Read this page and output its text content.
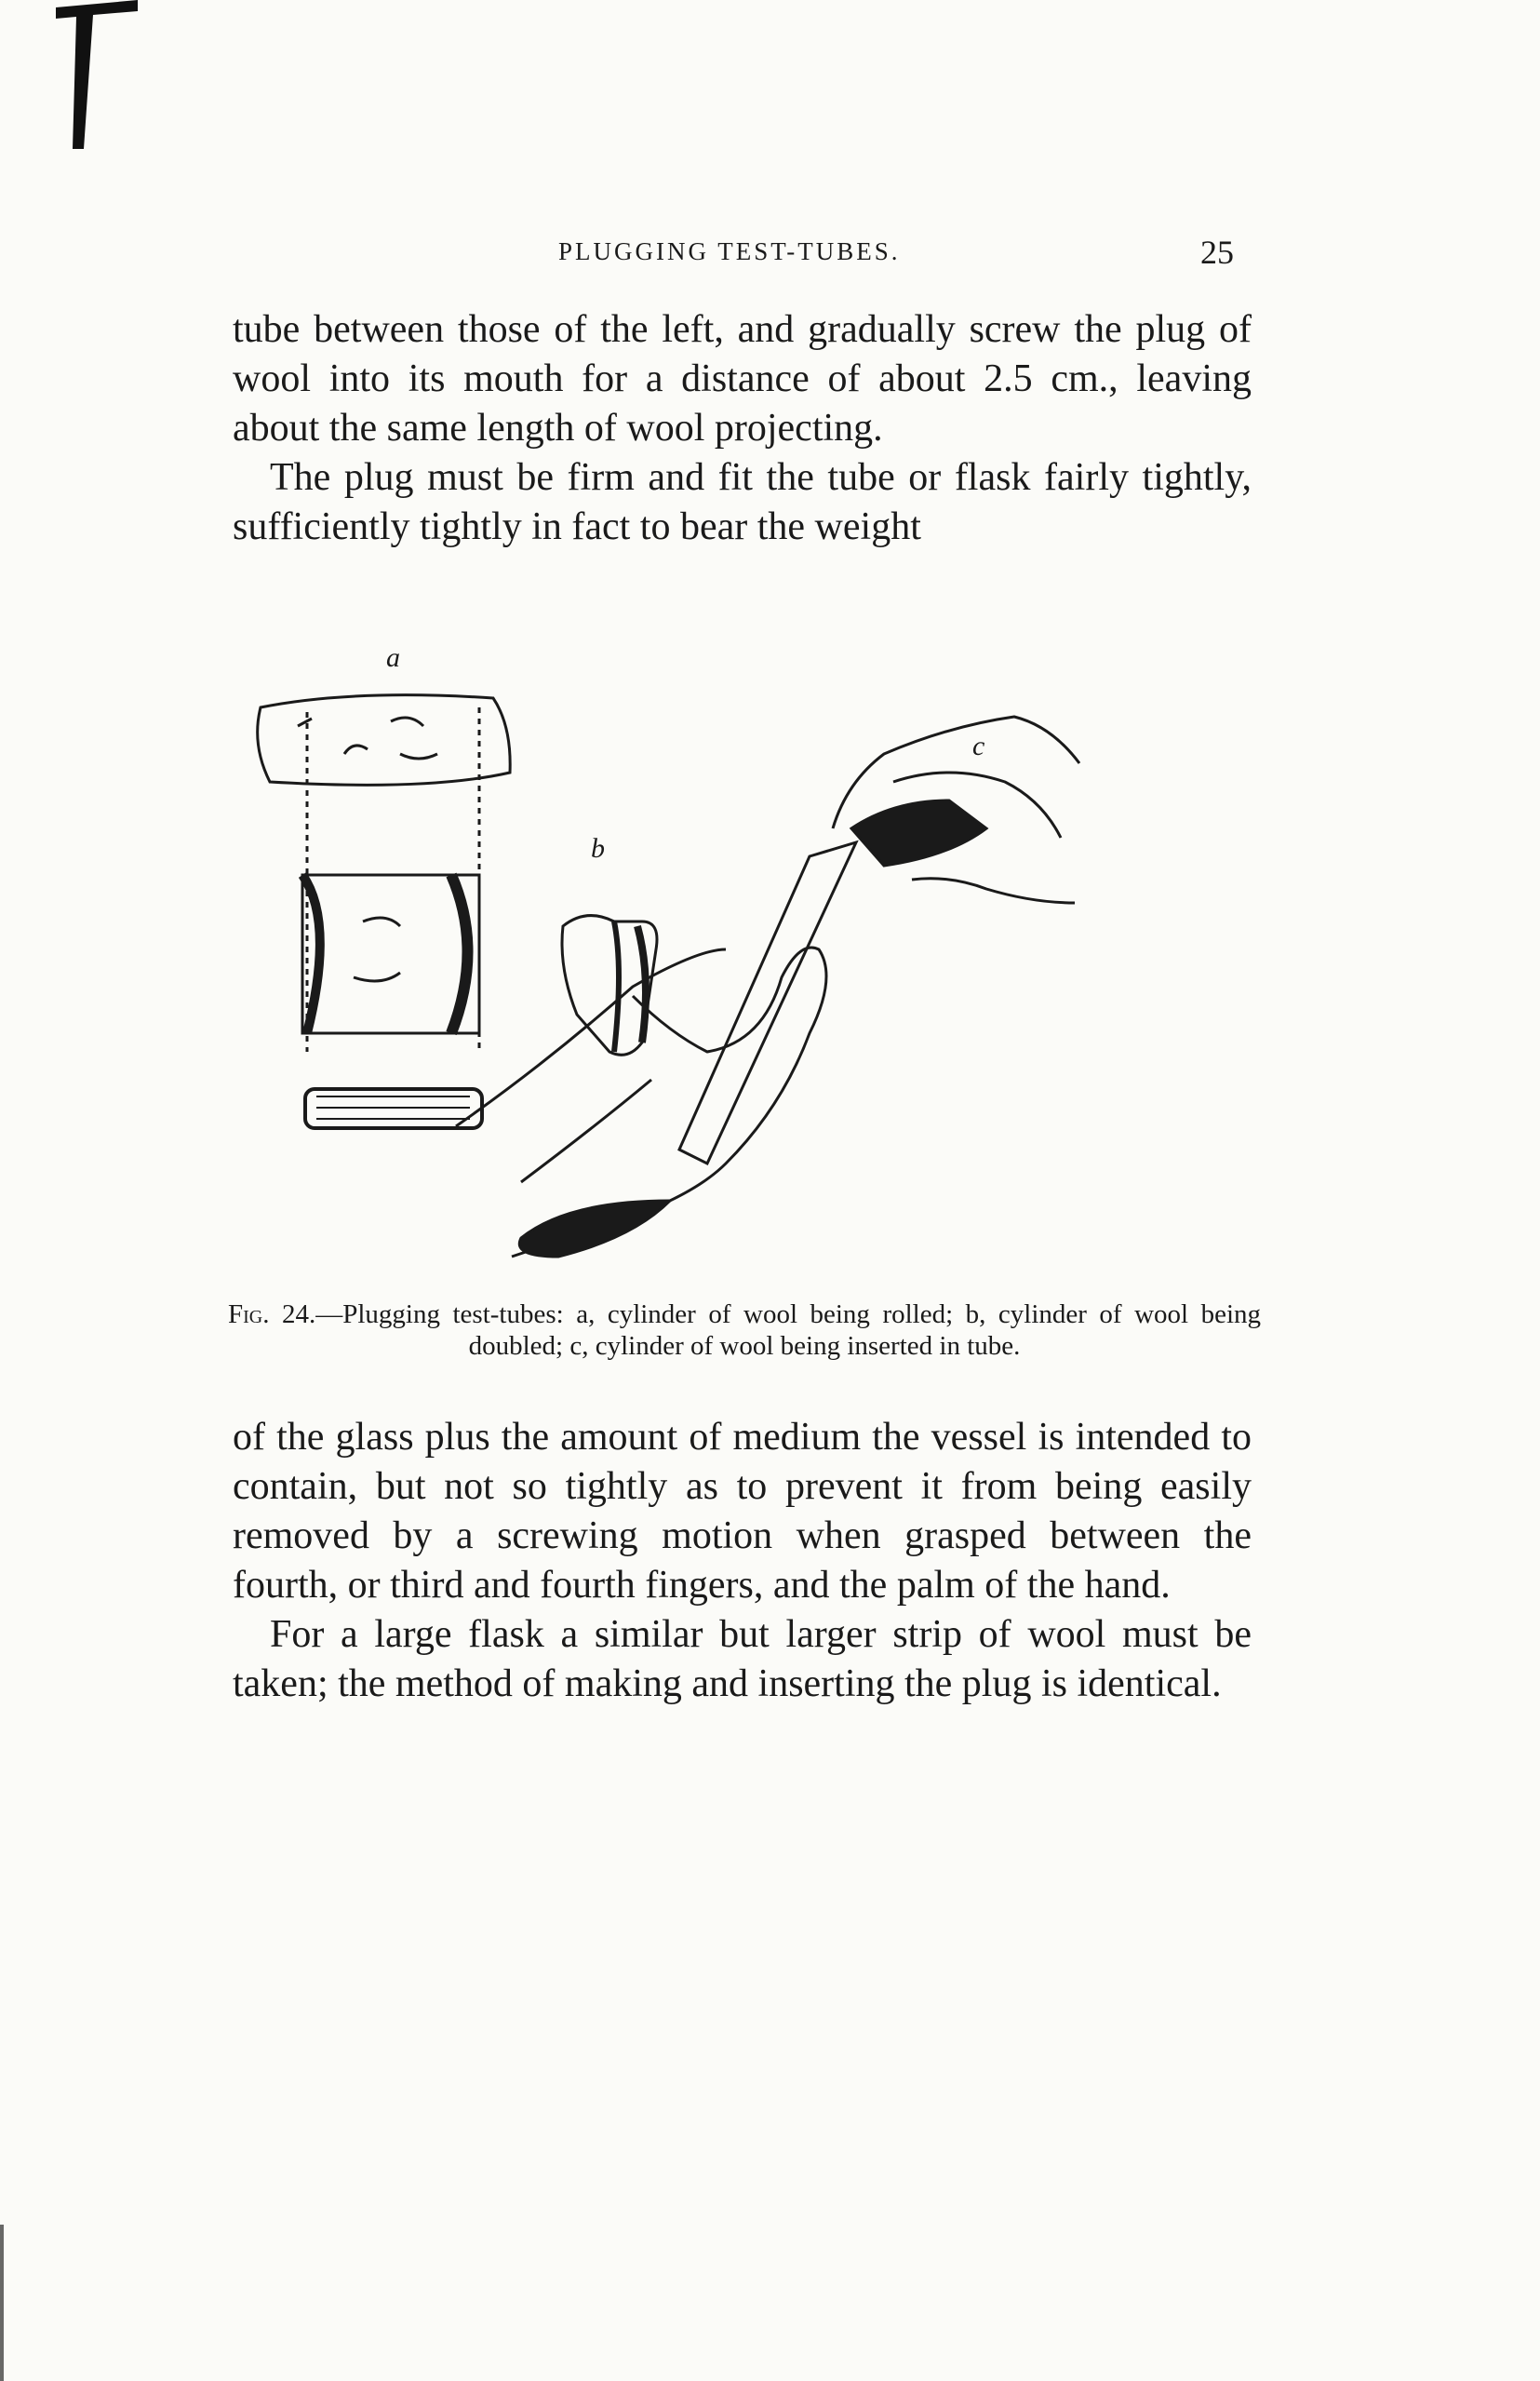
PLUGGING TEST-TUBES.	25

tube between those of the left, and gradually screw the plug of wool into its mouth for a distance of about 2.5 cm., leaving about the same length of wool projecting.

The plug must be firm and fit the tube or flask fairly tightly, sufficiently tightly in fact to bear the weight

a
b
c
Fig. 24.—Plugging test-tubes: a, cylinder of wool being rolled; b, cylinder of wool being doubled; c, cylinder of wool being inserted in tube.

of the glass plus the amount of medium the vessel is intended to contain, but not so tightly as to prevent it from being easily removed by a screwing motion when grasped between the fourth, or third and fourth fingers, and the palm of the hand.

For a large flask a similar but larger strip of wool must be taken; the method of making and inserting the plug is identical.
